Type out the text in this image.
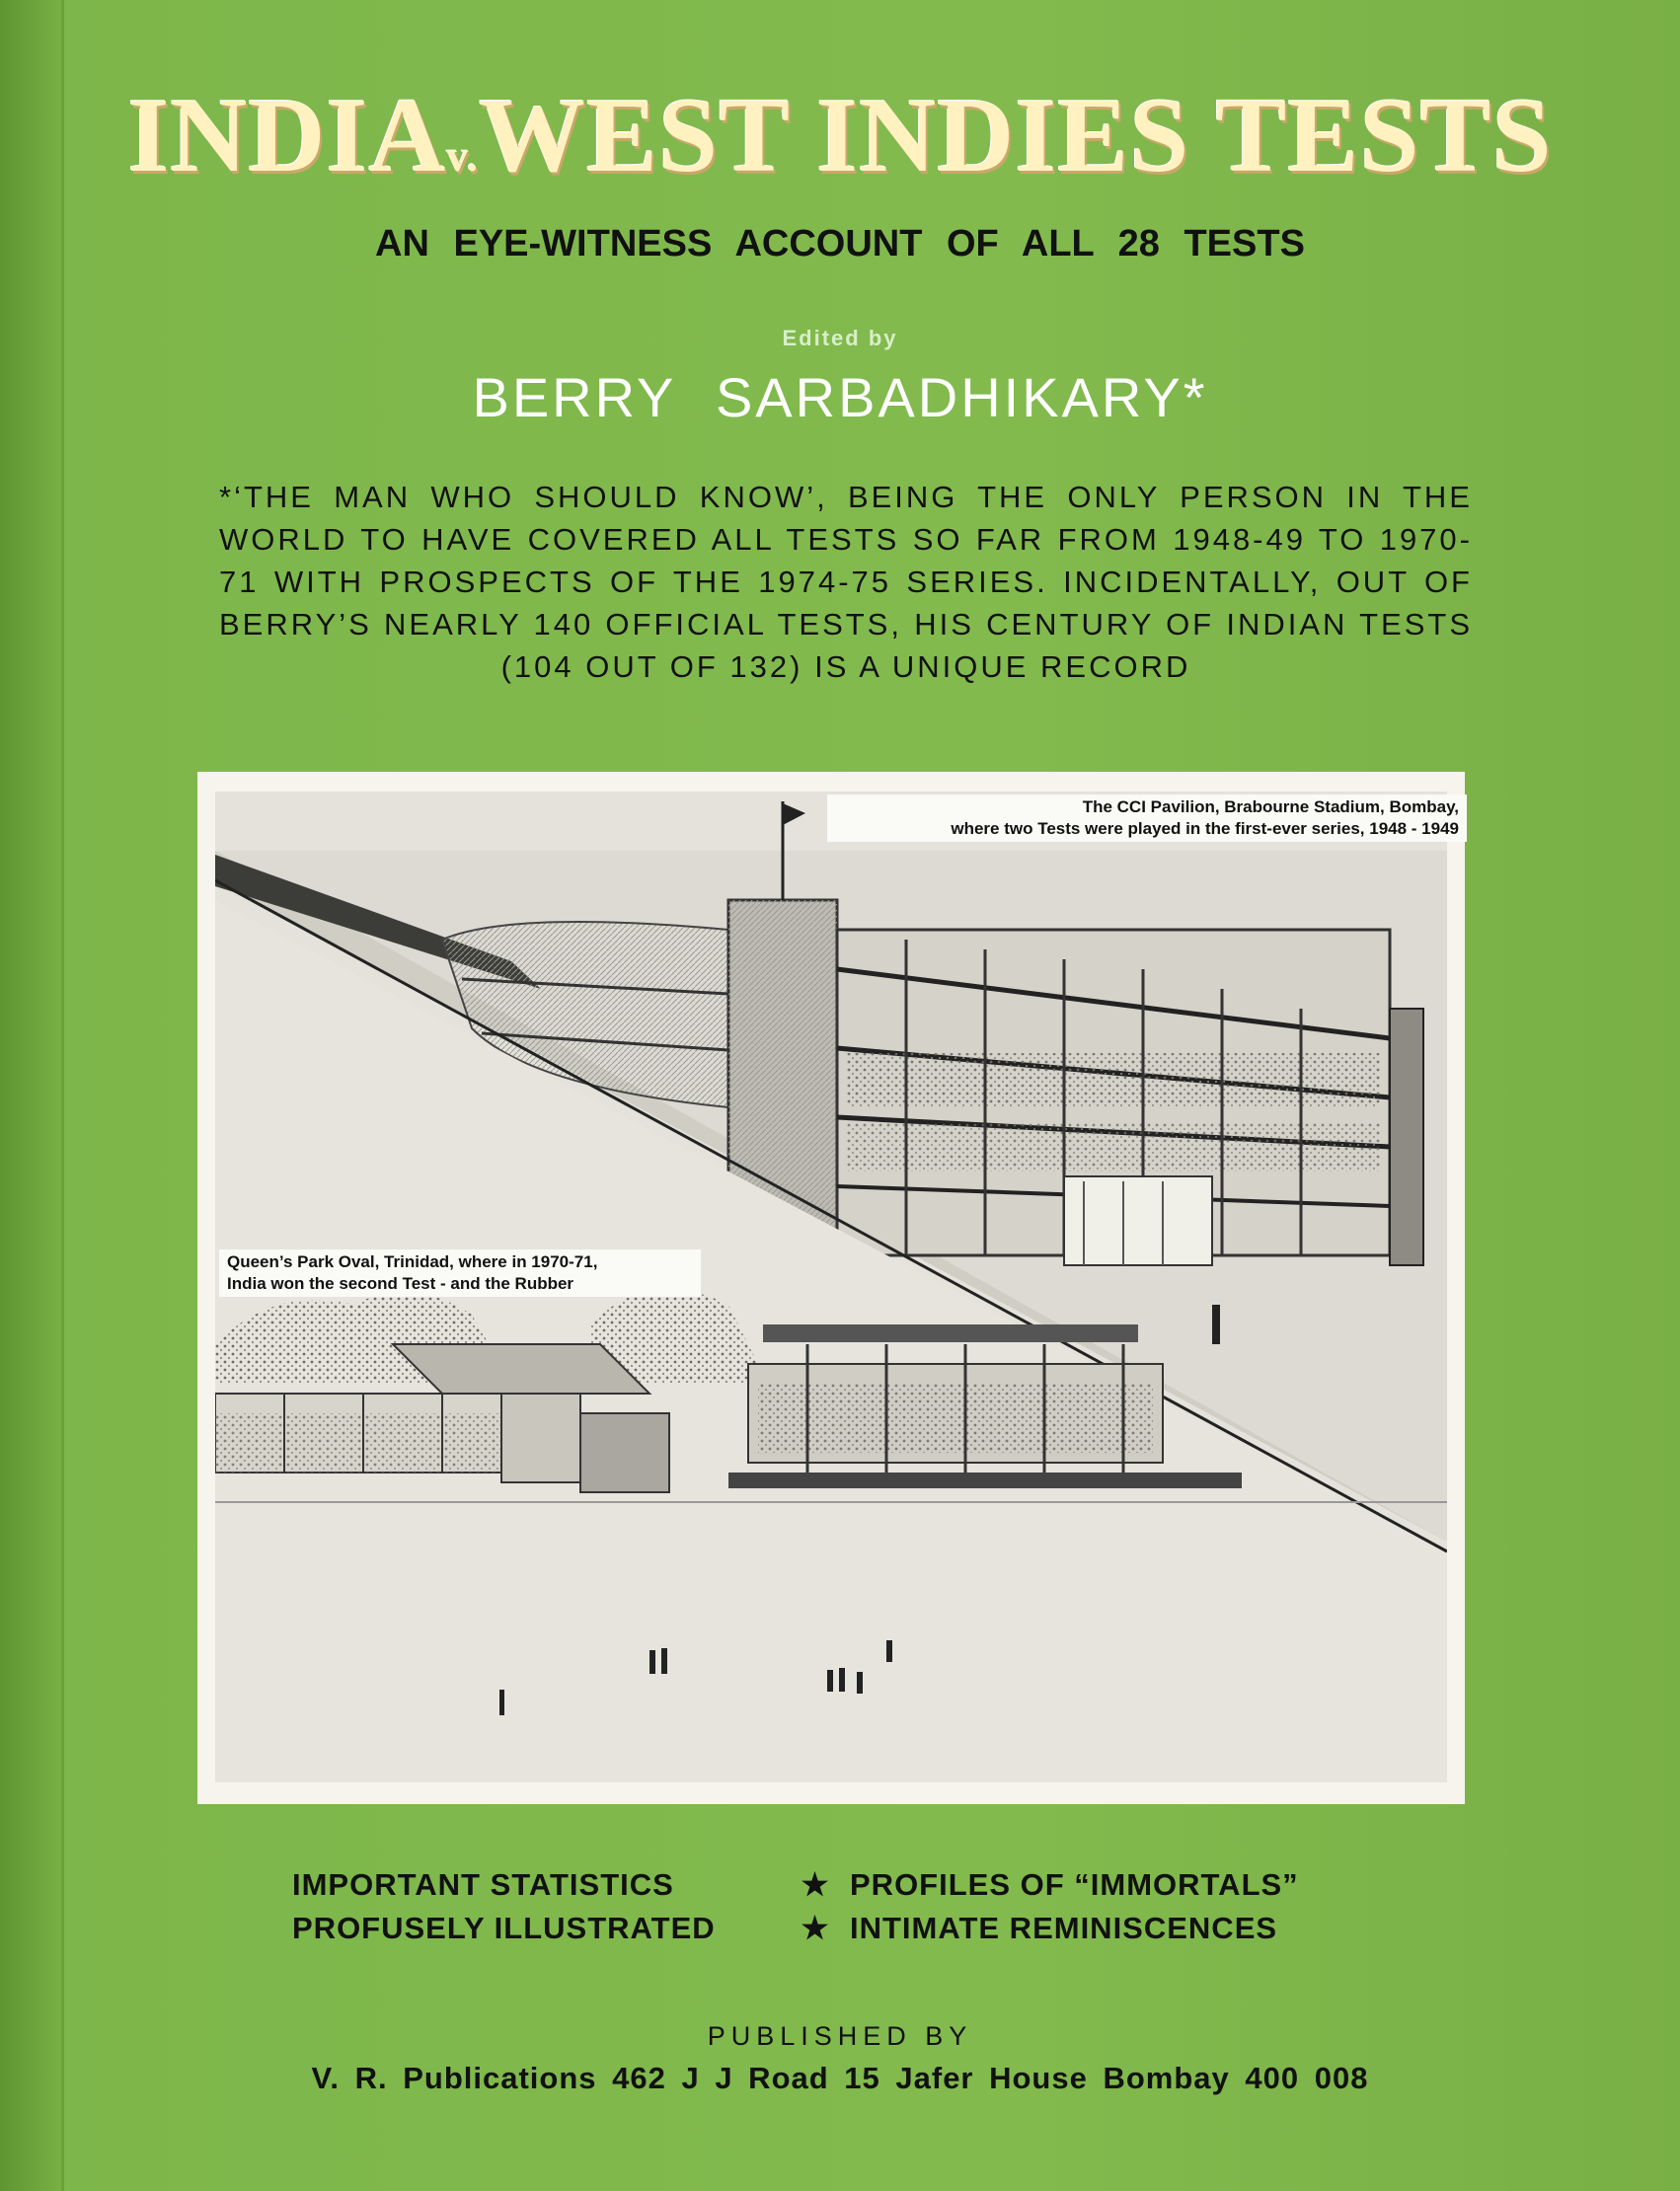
INDIAv.WEST INDIES TESTS
AN EYE-WITNESS ACCOUNT OF ALL 28 TESTS
Edited by
BERRY SARBADHIKARY*
*‘THE MAN WHO SHOULD KNOW’, BEING THE ONLY PERSON IN THE WORLD TO HAVE COVERED ALL TESTS SO FAR FROM 1948-49 TO 1970-71 WITH PROSPECTS OF THE 1974-75 SERIES. INCIDENTALLY, OUT OF BERRY’S NEARLY 140 OFFICIAL TESTS, HIS CENTURY OF INDIAN TESTS (104 OUT OF 132) IS A UNIQUE RECORD
The CCI Pavilion, Brabourne Stadium, Bombay,
where two Tests were played in the first-ever series, 1948 - 1949
Queen’s Park Oval, Trinidad, where in 1970-71,
India won the second Test - and the Rubber
IMPORTANT STATISTICS	★ PROFILES OF “IMMORTALS”
PROFUSELY ILLUSTRATED	★ INTIMATE REMINISCENCES
PUBLISHED BY
V. R. Publications 462 J J Road 15 Jafer House Bombay 400 008
